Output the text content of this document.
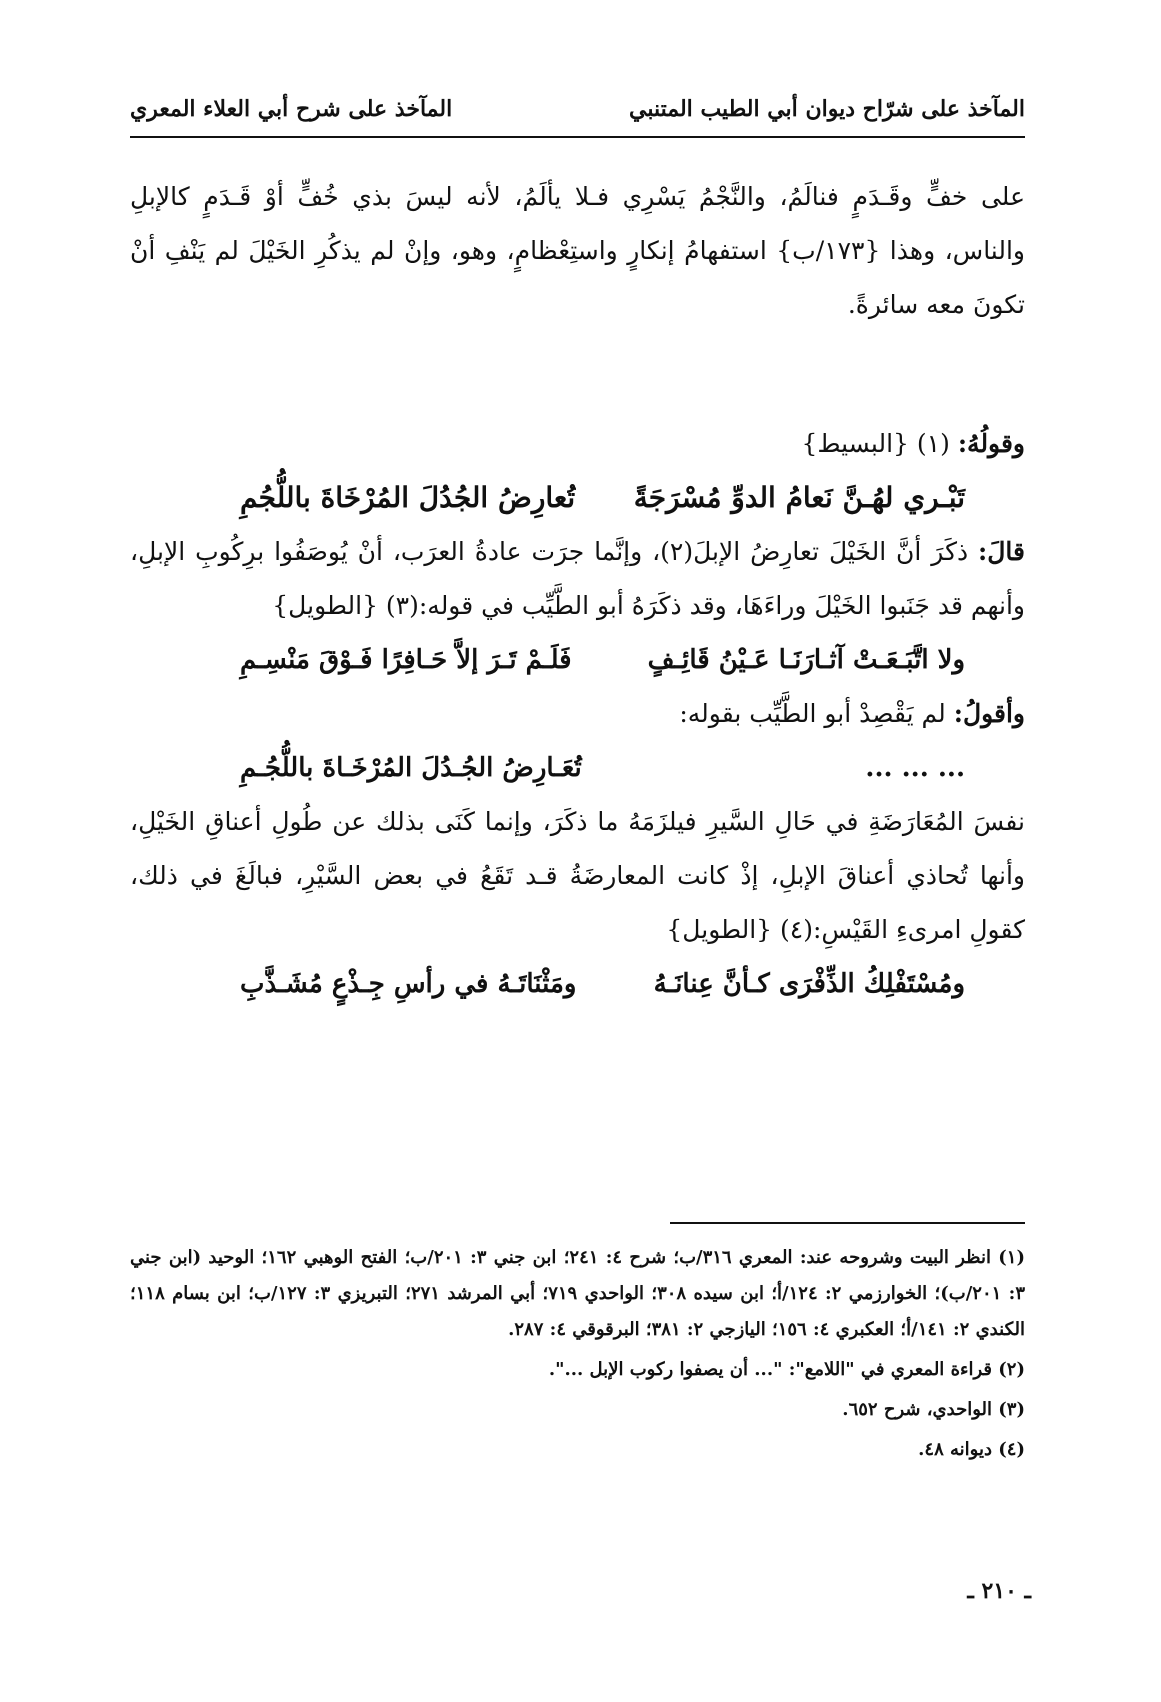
المآخذ على شرّاح ديوان أبي الطيب المتنبي
المآخذ على شرح أبي العلاء المعري

على خفٍّ وقَـدَمٍ فنالَمُ، والنَّجْمُ يَسْرِي فـلا يألَمُ، لأنه ليسَ بذي خُفٍّ أوْ قَـدَمٍ كالإبلِ والناس، وهذا {١٧٣/ب} استفهامُ إنكارٍ واستِعْظامٍ، وهو، وإنْ لم يذكُرِ الخَيْلَ لم يَنْفِ أنْ تكونَ معه سائرةً.

وقولُهُ: (١) {البسيط}

تَبْـري لهُـنَّ نَعامُ الدوِّ مُسْرَجَةً
تُعارِضُ الجُدُلَ المُرْخَاةَ باللُّجُمِ

قالَ: ذكَرَ أنَّ الخَيْلَ تعارِضُ الإبلَ(٢)، وإنَّما جرَت عادةُ العرَب، أنْ يُوصَفُوا برِكُوبِ الإبلِ، وأنهم قد جَنَبوا الخَيْلَ وراءَهَا، وقد ذكَرَهُ أبو الطَّيِّب في قوله:(٣) {الطويل}

ولا اتَّبَـعَـتْ آثـارَنَـا عَـيْنُ قَائِـفٍ
فَلَـمْ تَـرَ إلاَّ حَـافِرًا فَـوْقَ مَنْسِـمِ

وأقولُ: لم يَقْصِدْ أبو الطَّيِّب بقوله:

... ... ...
تُعَـارِضُ الجُـدُلَ المُرْخَـاةَ باللُّجُـمِ

نفسَ المُعَارَضَةِ في حَالِ السَّيرِ فيلزَمَهُ ما ذكَرَ، وإنما كَنَى بذلك عن طُولِ أعناقِ الخَيْلِ، وأنها تُحاذي أعناقَ الإبلِ، إذْ كانت المعارضَةُ قـد تَقَعُ في بعض السَّيْرِ، فبالَغَ في ذلك، كقولِ امرىءِ القَيْسِ:(٤) {الطويل}

ومُسْتَفْلِكُ الذِّفْرَى كـأنَّ عِنانَـهُ
ومَثْنَاتَـهُ في رأسِ جِـذْعٍ مُشَـذَّبِ

(١) انظر البيت وشروحه عند: المعري ٣١٦/ب؛ شرح ٤: ٢٤١؛ ابن جني ٣: ٢٠١/ب؛ الفتح الوهبي ١٦٢؛ الوحيد (ابن جني ٣: ٢٠١/ب)؛ الخوارزمي ٢: ١٢٤/أ؛ ابن سيده ٣٠٨؛ الواحدي ٧١٩؛ أبي المرشد ٢٧١؛ التبريزي ٣: ١٢٧/ب؛ ابن بسام ١١٨؛ الكندي ٢: ١٤١/أ؛ العكبري ٤: ١٥٦؛ اليازجي ٢: ٣٨١؛ البرقوقي ٤: ٢٨٧.

(٢) قراءة المعري في "اللامع": "... أن يصفوا ركوب الإبل ...".

(٣) الواحدي، شرح ٦٥٢.

(٤) ديوانه ٤٨.

ـ ٢١٠ ـ
